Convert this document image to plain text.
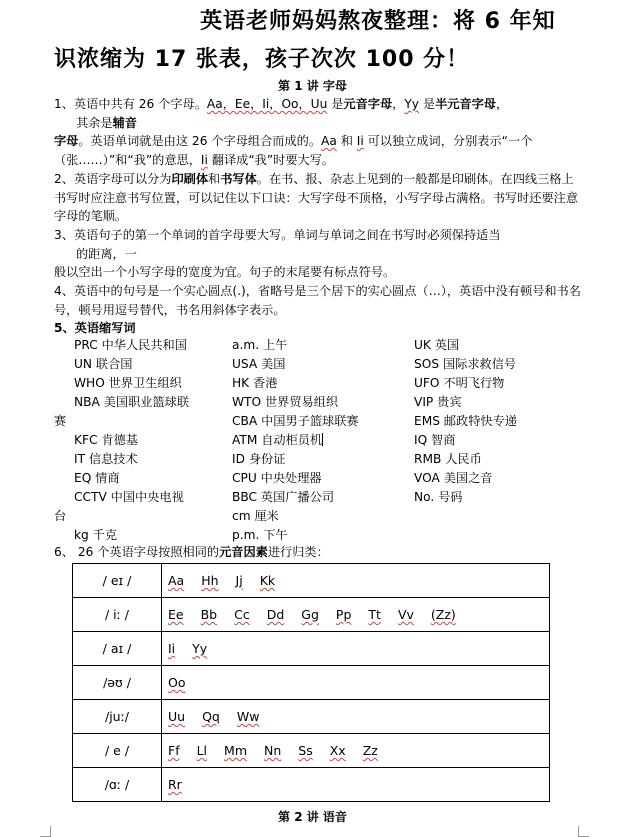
英语老师妈妈熬夜整理：将 6 年知
识浓缩为 17 张表，孩子次次 100 分！
第 1 讲 字母
1、英语中共有 26 个字母。Aa，Ee，Ii，Oo，Uu 是元音字母，Yy 是半元音字母，
其余是辅音
字母。英语单词就是由这 26 个字母组合而成的。Aa 和 Ii 可以独立成词，分别表示“一个（张……）”和“我”的意思，Ii 翻译成“我”时要大写。
2、英语字母可以分为印刷体和书写体。在书、报、杂志上见到的一般都是印刷体。在四线三格上书写时应注意书写位置，可以记住以下口诀：大写字母不顶格，小写字母占满格。书写时还要注意字母的笔顺。
3、英语句子的第一个单词的首字母要大写。单词与单词之间在书写时必须保持适当
的距离，一
般以空出一个小写字母的宽度为宜。句子的末尾要有标点符号。
4、英语中的句号是一个实心圆点(.)，省略号是三个居下的实心圆点（…），英语中没有顿号和书名号，顿号用逗号替代，书名用斜体字表示。
5、英语缩写词
PRC 中华人民共和国	a.m. 上午	UK 英国
UN 联合国	USA 美国	SOS 国际求救信号
WHO 世界卫生组织	HK 香港	UFO 不明飞行物
NBA 美国职业篮球联	WTO 世界贸易组织	VIP 贵宾
赛	CBA 中国男子篮球联赛	EMS 邮政特快专递
KFC 肯德基	ATM 自动柜员机	IQ 智商
IT 信息技术	ID 身份证	RMB 人民币
EQ 情商	CPU 中央处理器	VOA 美国之音
CCTV 中国中央电视	BBC 英国广播公司	No. 号码
台	cm 厘米
kg 千克	p.m. 下午
6、 26 个英语字母按照相同的元音因素进行归类：
/ eɪ /	Aa Hh Jj Kk
/ iː /	Ee Bb Cc Dd Gg Pp Tt Vv (Zz)
/ aɪ /	Ii Yy
/əʊ /	Oo
/juː/	Uu Qq Ww
/ e /	Ff Ll Mm Nn Ss Xx Zz
/ɑː /	Rr
第 2 讲 语音
